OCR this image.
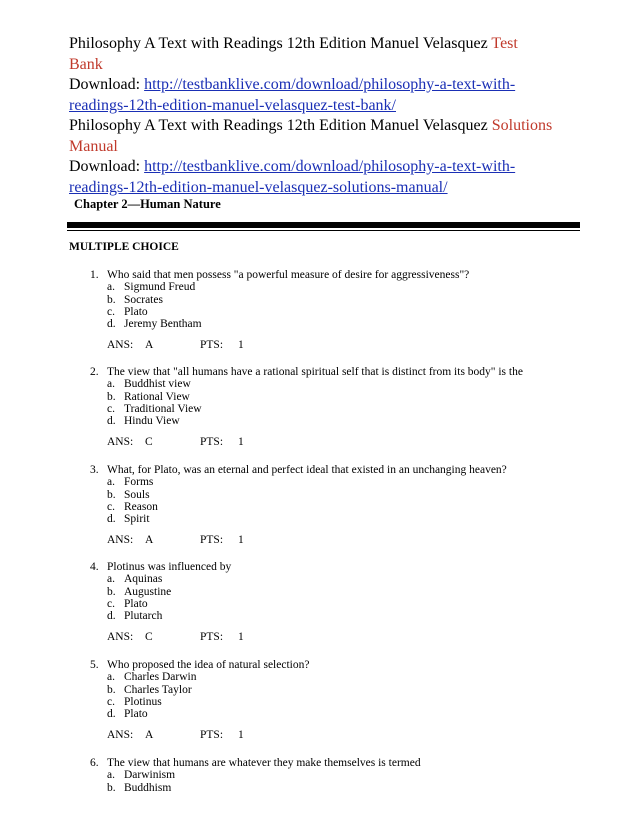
Philosophy A Text with Readings 12th Edition Manuel Velasquez Test
Bank
Download: http://testbanklive.com/download/philosophy-a-text-with-
readings-12th-edition-manuel-velasquez-test-bank/
Philosophy A Text with Readings 12th Edition Manuel Velasquez Solutions
Manual
Download: http://testbanklive.com/download/philosophy-a-text-with-
readings-12th-edition-manuel-velasquez-solutions-manual/
Chapter 2—Human Nature
MULTIPLE CHOICE
1. Who said that men possess "a powerful measure of desire for aggressiveness"?
a. Sigmund Freud
b. Socrates
c. Plato
d. Jeremy Bentham
ANS:	A	PTS:	1
2. The view that "all humans have a rational spiritual self that is distinct from its body" is the
a. Buddhist view
b. Rational View
c. Traditional View
d. Hindu View
ANS:	C	PTS:	1
3. What, for Plato, was an eternal and perfect ideal that existed in an unchanging heaven?
a. Forms
b. Souls
c. Reason
d. Spirit
ANS:	A	PTS:	1
4. Plotinus was influenced by
a. Aquinas
b. Augustine
c. Plato
d. Plutarch
ANS:	C	PTS:	1
5. Who proposed the idea of natural selection?
a. Charles Darwin
b. Charles Taylor
c. Plotinus
d. Plato
ANS:	A	PTS:	1
6. The view that humans are whatever they make themselves is termed
a. Darwinism
b. Buddhism
